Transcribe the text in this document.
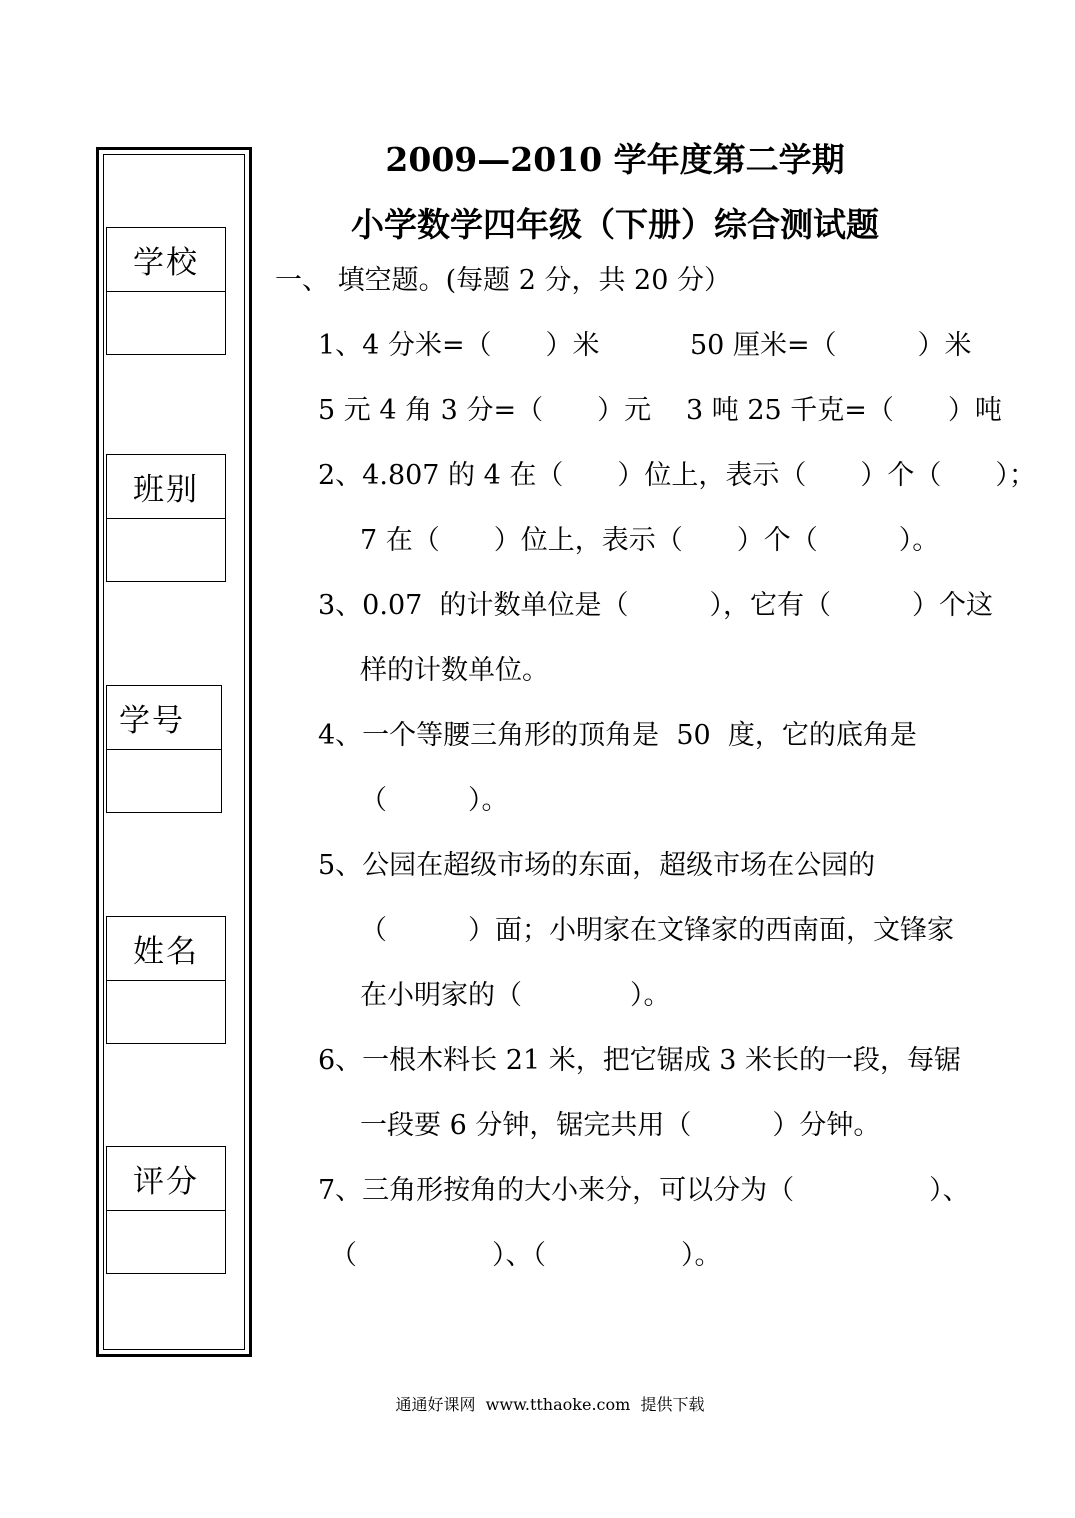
学校
班别
学号
姓名
评分
2009—2010 学年度第二学期
小学数学四年级（下册）综合测试题
一、 填空题。(每题 2 分，共 20 分）
1、4 分米=（　　）米	50 厘米=（　　　）米
5 元 4 角 3 分=（　　）元 3 吨 25 千克=（　　）吨
2、4.807 的 4 在（　　）位上，表示（　　）个（　　）；
7 在（　　）位上，表示（　　）个（　　　）。
3、0.07  的计数单位是（　　　），它有（　　　）个这
样的计数单位。
4、一个等腰三角形的顶角是  50  度，它的底角是
（　　　）。
5、公园在超级市场的东面，超级市场在公园的
（　　　）面；小明家在文锋家的西南面，文锋家
在小明家的（　　　　）。
6、一根木料长 21 米，把它锯成 3 米长的一段，每锯
一段要 6 分钟，锯完共用（　　　）分钟。
7、三角形按角的大小来分，可以分为（　　　　　）、
（　　　　　）、（　　　　　）。
通通好课网  www.tthaoke.com  提供下载
